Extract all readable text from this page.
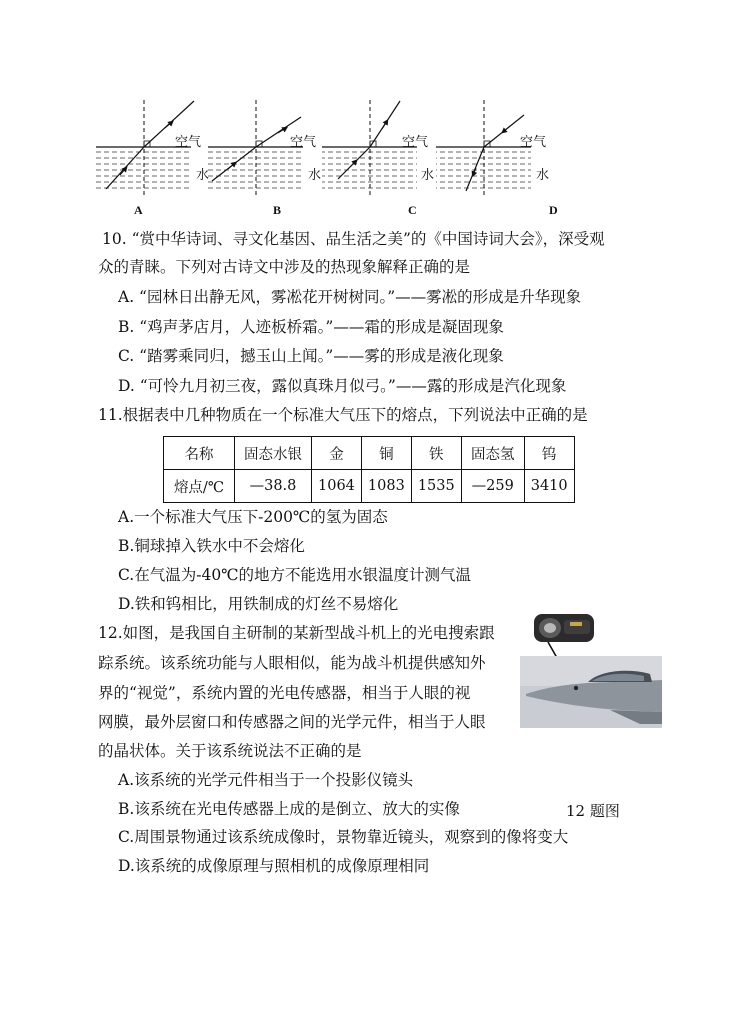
空气
水
空气
水
空气
水
空气
水
A	B	C	D
10. “赏中华诗词、寻文化基因、品生活之美”的《中国诗词大会》，深受观
众的青睐。下列对古诗文中涉及的热现象解释正确的是
A. “园林日出静无风，雾凇花开树树同。”——雾凇的形成是升华现象
B. “鸡声茅店月，人迹板桥霜。”——霜的形成是凝固现象
C. “踏雾乘同归，撼玉山上闻。”——雾的形成是液化现象
D. “可怜九月初三夜，露似真珠月似弓。”——露的形成是汽化现象
11.根据表中几种物质在一个标准大气压下的熔点，下列说法中正确的是
名称	固态水银	金	铜	铁	固态氢	钨
熔点/℃	—38.8	1064	1083	1535	—259	3410
A.一个标准大气压下-200℃的氢为固态
B.铜球掉入铁水中不会熔化
C.在气温为-40℃的地方不能选用水银温度计测气温
D.铁和钨相比，用铁制成的灯丝不易熔化
12.如图，是我国自主研制的某新型战斗机上的光电搜索跟
踪系统。该系统功能与人眼相似，能为战斗机提供感知外
界的“视觉”，系统内置的光电传感器，相当于人眼的视
网膜，最外层窗口和传感器之间的光学元件，相当于人眼
的晶状体。关于该系统说法不正确的是
A.该系统的光学元件相当于一个投影仪镜头
B.该系统在光电传感器上成的是倒立、放大的实像	12 题图
C.周围景物通过该系统成像时，景物靠近镜头，观察到的像将变大
D.该系统的成像原理与照相机的成像原理相同
